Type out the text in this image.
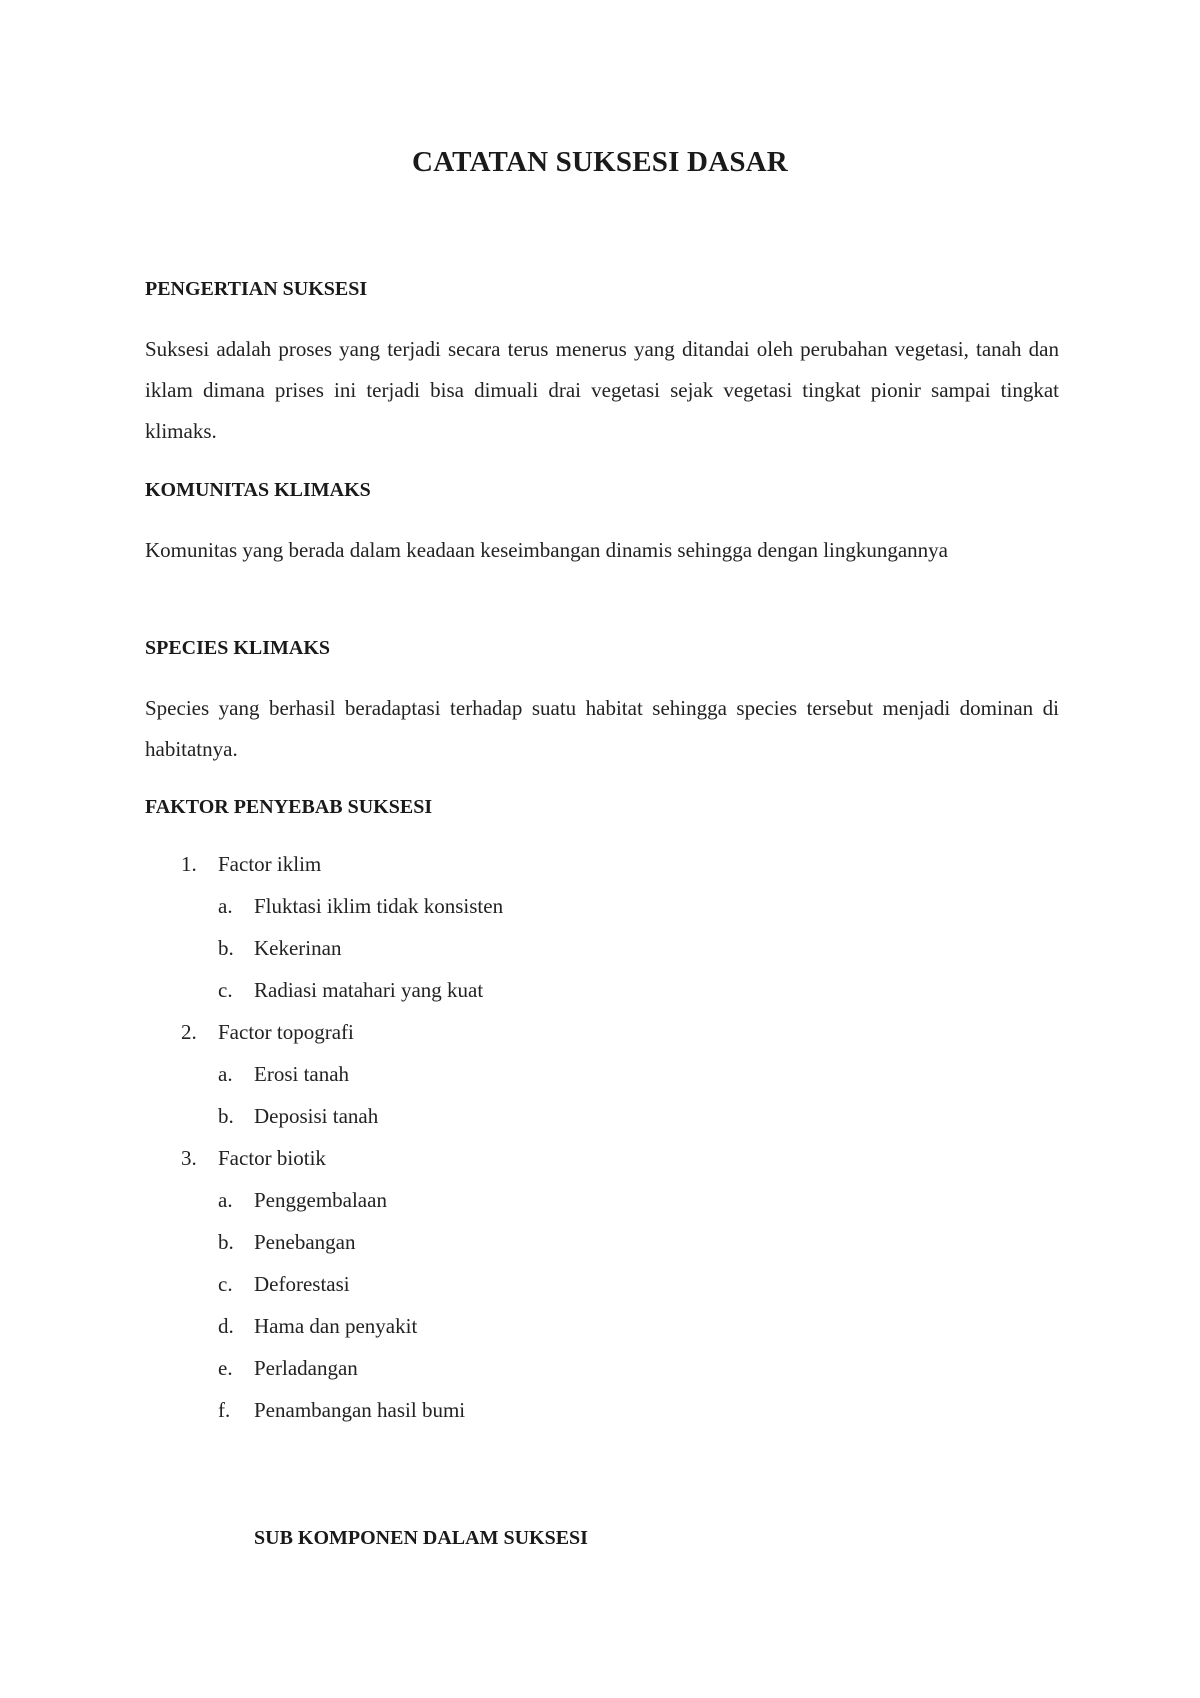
CATATAN SUKSESI DASAR
PENGERTIAN SUKSESI

Suksesi adalah proses yang terjadi secara terus menerus yang ditandai oleh perubahan vegetasi, tanah dan iklam dimana prises ini terjadi bisa dimuali drai vegetasi sejak vegetasi tingkat pionir sampai tingkat klimaks.

KOMUNITAS KLIMAKS

Komunitas yang berada dalam keadaan keseimbangan dinamis sehingga dengan lingkungannya

SPECIES KLIMAKS

Species yang berhasil beradaptasi terhadap suatu habitat sehingga species tersebut menjadi dominan di habitatnya.

FAKTOR PENYEBAB SUKSESI
1. Factor iklim
a. Fluktasi iklim tidak konsisten
b. Kekerinan
c. Radiasi matahari yang kuat
2. Factor topografi
a. Erosi tanah
b. Deposisi tanah
3. Factor biotik
a. Penggembalaan
b. Penebangan
c. Deforestasi
d. Hama dan penyakit
e. Perladangan
f.	Penambangan hasil bumi
SUB KOMPONEN DALAM SUKSESI
